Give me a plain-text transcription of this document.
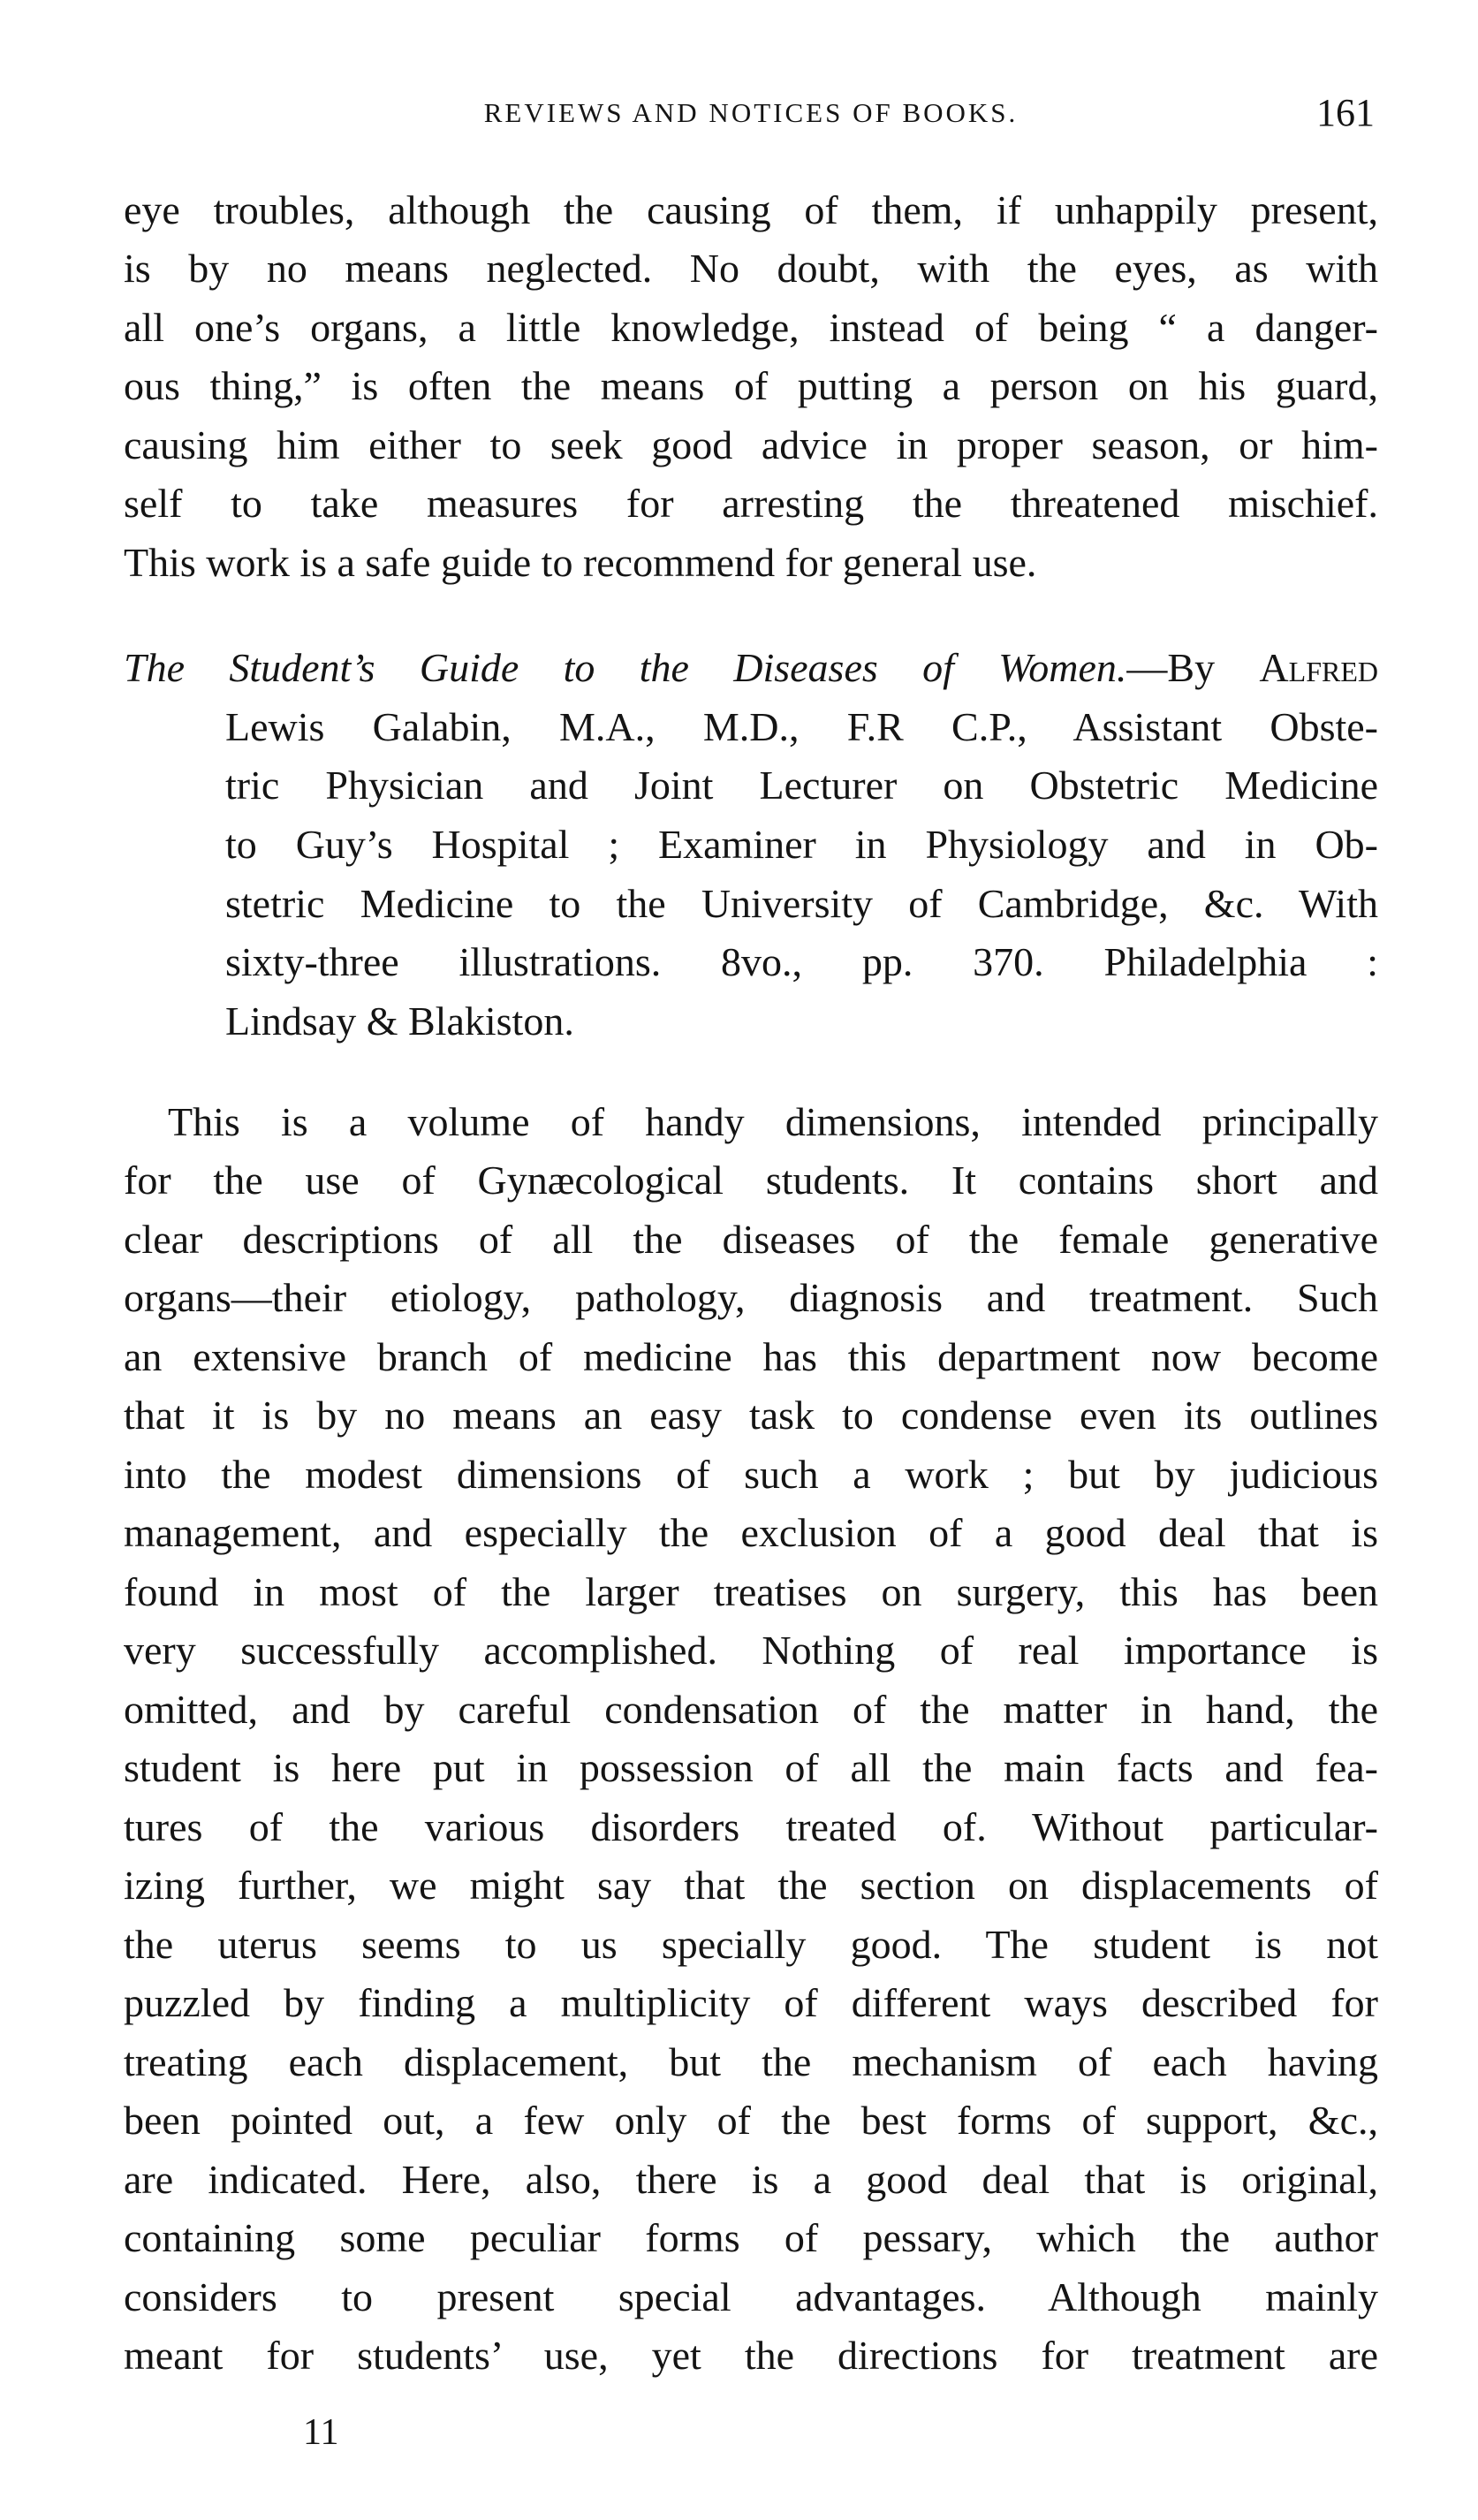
REVIEWS AND NOTICES OF BOOKS.	161
eye troubles, although the causing of them, if unhappily present,
is by no means neglected. No doubt, with the eyes, as with
all one’s organs, a little knowledge, instead of being “ a danger-
ous thing,” is often the means of putting a person on his guard,
causing him either to seek good advice in proper season, or him-
self to take measures for arresting the threatened mischief.
This work is a safe guide to recommend for general use.
The Student’s Guide to the Diseases of Women.—By Alfred
Lewis Galabin, M.A., M.D., F.R C.P., Assistant Obste-
tric Physician and Joint Lecturer on Obstetric Medicine
to Guy’s Hospital ; Examiner in Physiology and in Ob-
stetric Medicine to the University of Cambridge, &c. With
sixty-three illustrations. 8vo., pp. 370. Philadelphia :
Lindsay & Blakiston.
This is a volume of handy dimensions, intended principally
for the use of Gynæcological students. It contains short and
clear descriptions of all the diseases of the female generative
organs—their etiology, pathology, diagnosis and treatment. Such
an extensive branch of medicine has this department now become
that it is by no means an easy task to condense even its outlines
into the modest dimensions of such a work ; but by judicious
management, and especially the exclusion of a good deal that is
found in most of the larger treatises on surgery, this has been
very successfully accomplished. Nothing of real importance is
omitted, and by careful condensation of the matter in hand, the
student is here put in possession of all the main facts and fea-
tures of the various disorders treated of. Without particular-
izing further, we might say that the section on displacements of
the uterus seems to us specially good. The student is not
puzzled by finding a multiplicity of different ways described for
treating each displacement, but the mechanism of each having
been pointed out, a few only of the best forms of support, &c.,
are indicated. Here, also, there is a good deal that is original,
containing some peculiar forms of pessary, which the author
considers to present special advantages. Although mainly
meant for students’ use, yet the directions for treatment are
11
